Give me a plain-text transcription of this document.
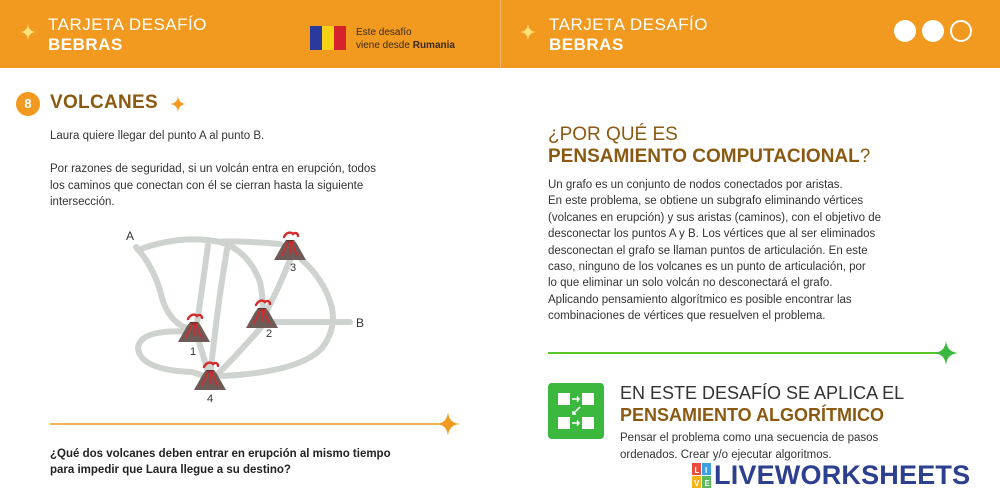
TARJETA DESAFÍO
BEBRAS
Este desafío
viene desde Rumania
TARJETA DESAFÍO
BEBRAS
8 VOLCANES
Laura quiere llegar del punto A al punto B.
Por razones de seguridad, si un volcán entra en erupción, todos
los caminos que conectan con él se cierran hasta la siguiente
intersección.
A
B
1
2
3
4
¿Qué dos volcanes deben entrar en erupción al mismo tiempo
para impedir que Laura llegue a su destino?
¿POR QUÉ ES
PENSAMIENTO COMPUTACIONAL?
Un grafo es un conjunto de nodos conectados por aristas.
En este problema, se obtiene un subgrafo eliminando vértices
(volcanes en erupción) y sus aristas (caminos), con el objetivo de
desconectar los puntos A y B. Los vértices que al ser eliminados
desconectan el grafo se llaman puntos de articulación. En este
caso, ninguno de los volcanes es un punto de articulación, por
lo que eliminar un solo volcán no desconectará el grafo.
Aplicando pensamiento algorítmico es posible encontrar las
combinaciones de vértices que resuelven el problema.
EN ESTE DESAFÍO SE APLICA EL
PENSAMIENTO ALGORÍTMICO
Pensar el problema como una secuencia de pasos
ordenados. Crear y/o ejecutar algoritmos.
L I
V E LIVEWORKSHEETS
